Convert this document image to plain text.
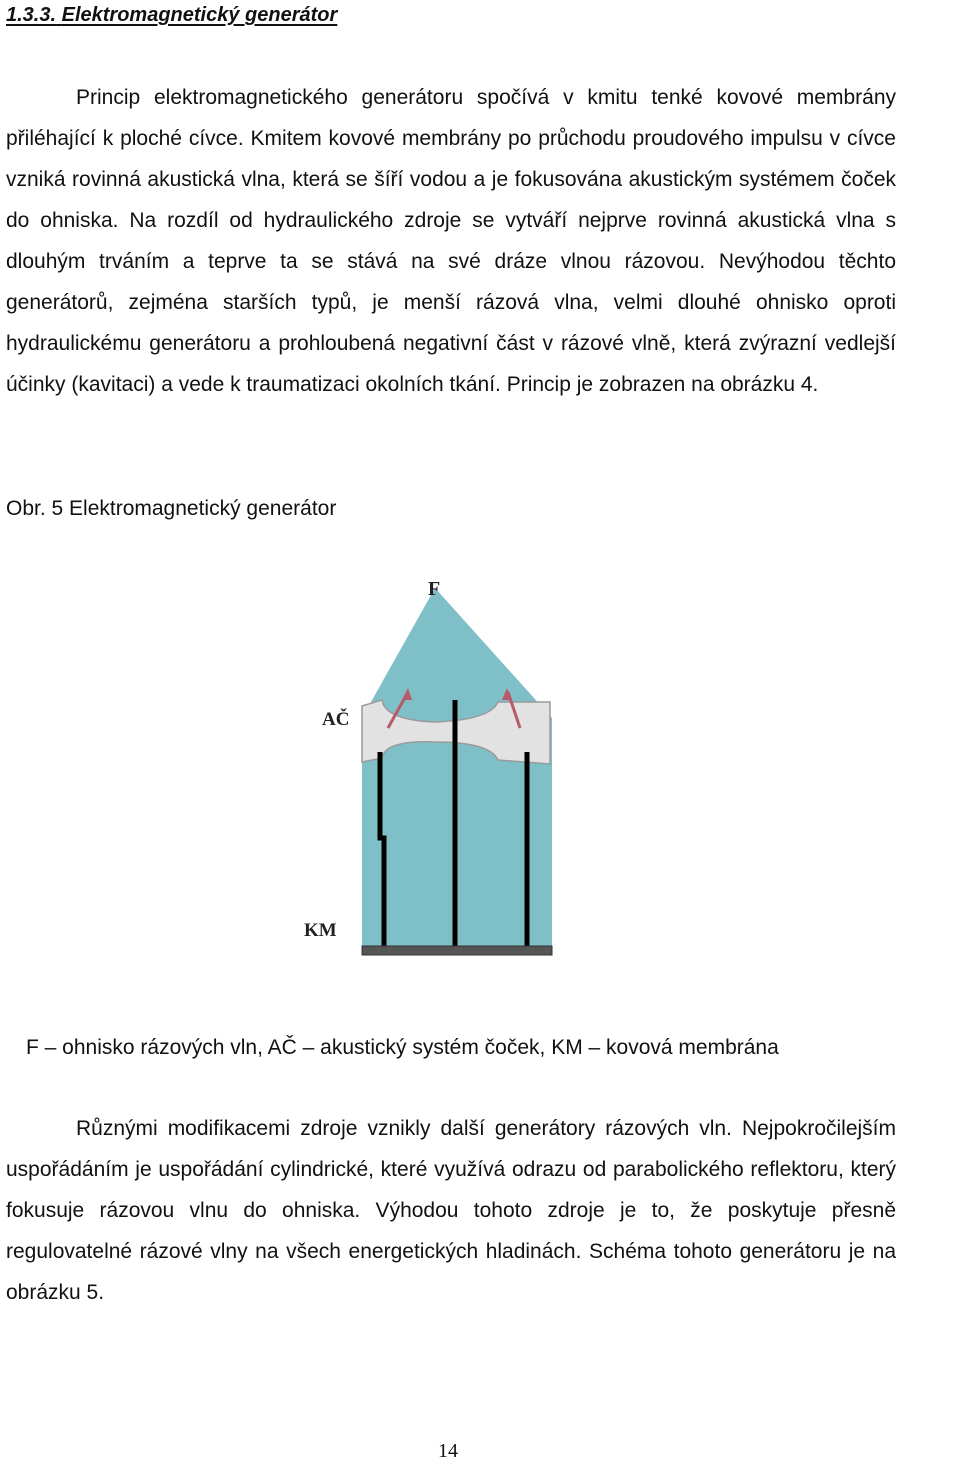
1.3.3. Elektromagnetický generátor

Princip elektromagnetického generátoru spočívá v kmitu tenké kovové membrány přiléhající k ploché cívce. Kmitem kovové membrány po průchodu proudového impulsu v cívce vzniká rovinná akustická vlna, která se šíří vodou a je fokusována akustickým systémem čoček do ohniska. Na rozdíl od hydraulického zdroje se vytváří nejprve rovinná akustická vlna s dlouhým trváním a teprve ta se stává na své dráze vlnou rázovou. Nevýhodou těchto generátorů, zejména starších typů, je menší rázová vlna, velmi dlouhé ohnisko oproti hydraulickému generátoru a prohloubená negativní část v rázové vlně, která zvýrazní vedlejší účinky (kavitaci) a vede k traumatizaci okolních tkání. Princip je zobrazen na obrázku 4.

Obr. 5 Elektromagnetický generátor
F
AČ
KM
F – ohnisko rázových vln, AČ – akustický systém čoček, KM – kovová membrána

Různými modifikacemi zdroje vznikly další generátory rázových vln. Nejpokročilejším uspořádáním je uspořádání cylindrické, které využívá odrazu od parabolického reflektoru, který fokusuje rázovou vlnu do ohniska. Výhodou tohoto zdroje je to, že poskytuje přesně regulovatelné rázové vlny na všech energetických hladinách. Schéma tohoto generátoru je na obrázku 5.

14
